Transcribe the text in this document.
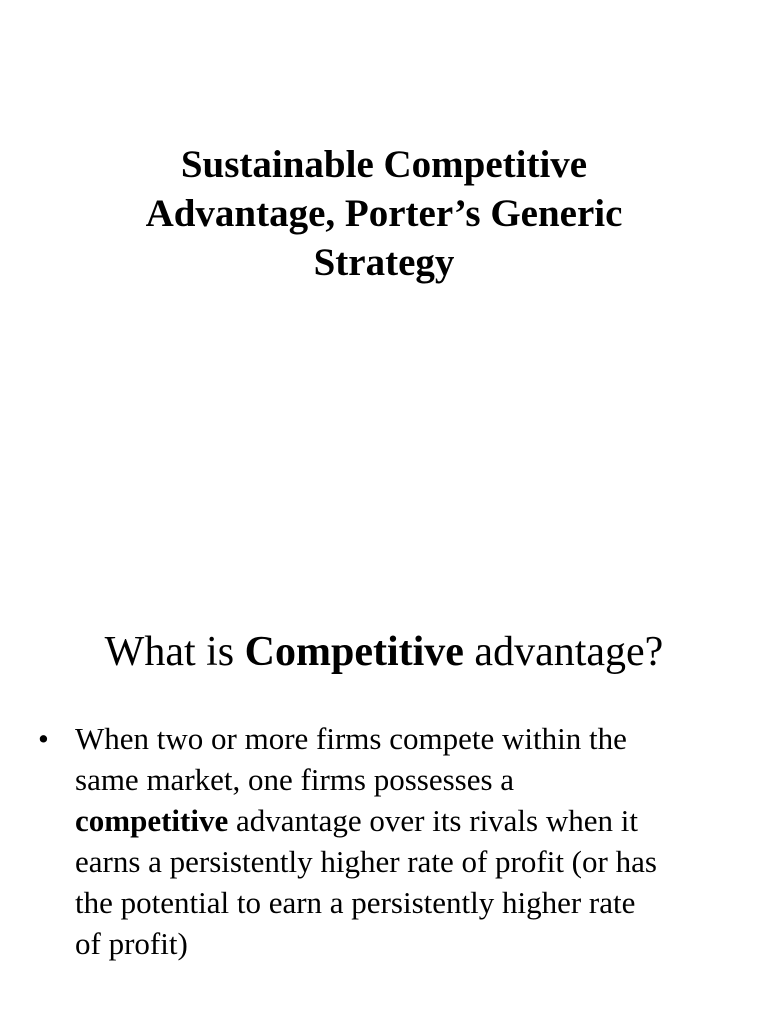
Sustainable Competitive
Advantage, Porter’s Generic
Strategy
What is Competitive advantage?
• When two or more firms compete within the
same market, one firms possesses a
competitive advantage over its rivals when it
earns a persistently higher rate of profit (or has
the potential to earn a persistently higher rate
of profit)
